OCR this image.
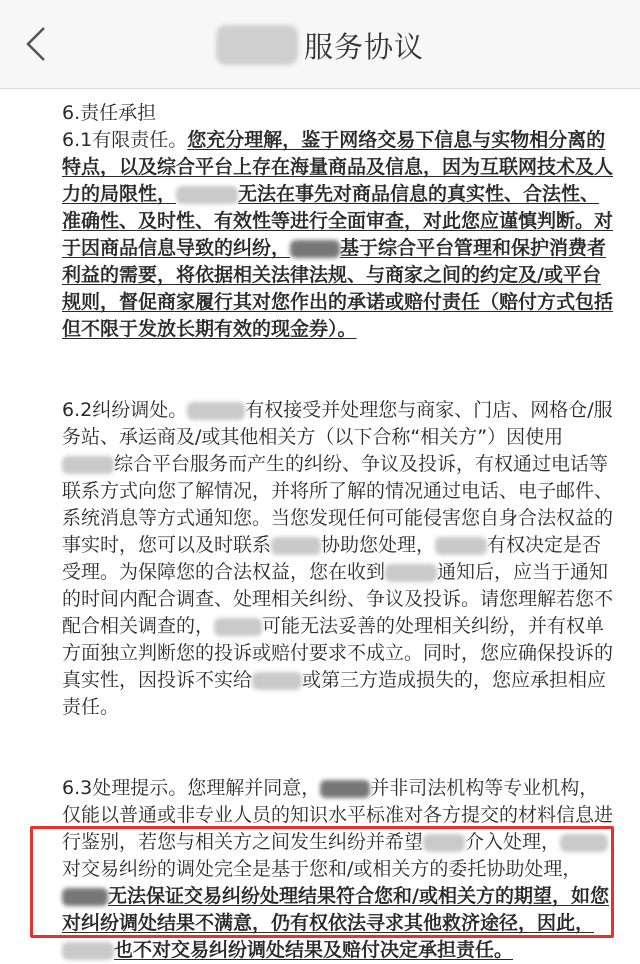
服务协议

6.责任承担

6.1有限责任。您充分理解，鉴于网络交易下信息与实物相分离的特点，以及综合平台上存在海量商品及信息，因为互联网技术及人力的局限性，	无法在事先对商品信息的真实性、合法性、准确性、及时性、有效性等进行全面审查，对此您应谨慎判断。对于因商品信息导致的纠纷，	基于综合平台管理和保护消费者利益的需要，将依据相关法律法规、与商家之间的约定及/或平台规则，督促商家履行其对您作出的承诺或赔付责任（赔付方式包括但不限于发放长期有效的现金券）。

6.2纠纷调处。	有权接受并处理您与商家、门店、网格仓/服务站、承运商及/或其他相关方（以下合称“相关方”）因使用综合平台服务而产生的纠纷、争议及投诉，有权通过电话等联系方式向您了解情况，并将所了解的情况通过电话、电子邮件、系统消息等方式通知您。当您发现任何可能侵害您自身合法权益的事实时，您可以及时联系	协助您处理，	有权决定是否受理。为保障您的合法权益，您在收到	通知后，应当于通知的时间内配合调查、处理相关纠纷、争议及投诉。请您理解若您不配合相关调查的，	可能无法妥善的处理相关纠纷，并有权单方面独立判断您的投诉或赔付要求不成立。同时，您应确保投诉的真实性，因投诉不实给	或第三方造成损失的，您应承担相应责任。

6.3处理提示。您理解并同意，	并非司法机构等专业机构，仅能以普通或非专业人员的知识水平标准对各方提交的材料信息进行鉴别，若您与相关方之间发生纠纷并希望 介入处理，对交易纠纷的调处完全是基于您和/或相关方的委托协助处理，无法保证交易纠纷处理结果符合您和/或相关方的期望，如您对纠纷调处结果不满意，仍有权依法寻求其他救济途径，因此，也不对交易纠纷调处结果及赔付决定承担责任。
